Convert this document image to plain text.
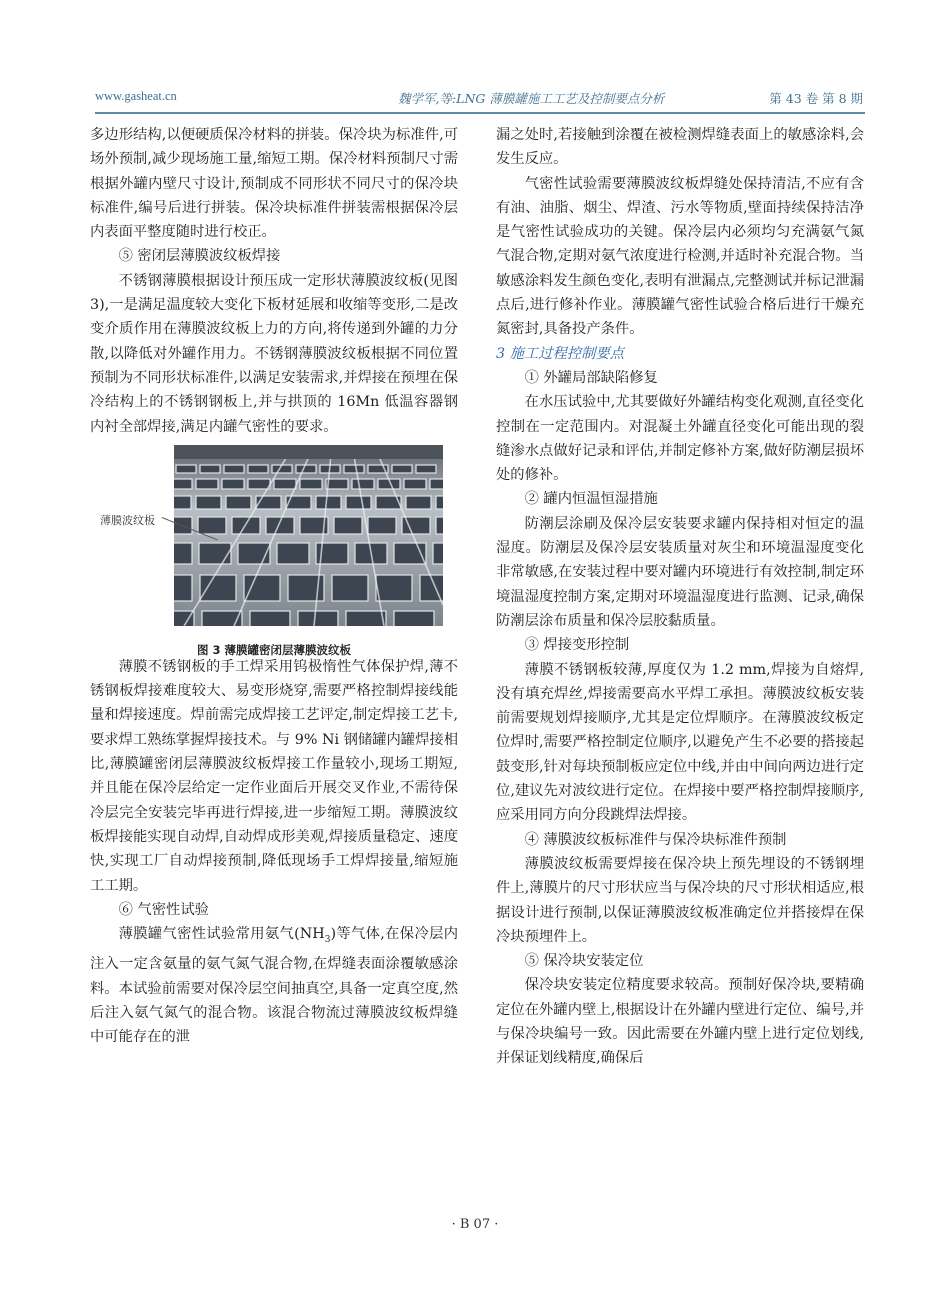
www.gasheat.cn	魏学军,等:LNG 薄膜罐施工工艺及控制要点分析	第 43 卷 第 8 期

多边形结构,以便硬质保冷材料的拼装。保冷块为标准件,可场外预制,减少现场施工量,缩短工期。保冷材料预制尺寸需根据外罐内壁尺寸设计,预制成不同形状不同尺寸的保冷块标准件,编号后进行拼装。保冷块标准件拼装需根据保冷层内表面平整度随时进行校正。

⑤ 密闭层薄膜波纹板焊接

不锈钢薄膜根据设计预压成一定形状薄膜波纹板(见图3),一是满足温度较大变化下板材延展和收缩等变形,二是改变介质作用在薄膜波纹板上力的方向,将传递到外罐的力分散,以降低对外罐作用力。不锈钢薄膜波纹板根据不同位置预制为不同形状标准件,以满足安装需求,并焊接在预埋在保冷结构上的不锈钢钢板上,并与拱顶的 16Mn 低温容器钢内衬全部焊接,满足内罐气密性的要求。

薄膜波纹板
图 3 薄膜罐密闭层薄膜波纹板

薄膜不锈钢板的手工焊采用钨极惰性气体保护焊,薄不锈钢板焊接难度较大、易变形烧穿,需要严格控制焊接线能量和焊接速度。焊前需完成焊接工艺评定,制定焊接工艺卡,要求焊工熟练掌握焊接技术。与 9% Ni 钢储罐内罐焊接相比,薄膜罐密闭层薄膜波纹板焊接工作量较小,现场工期短,并且能在保冷层给定一定作业面后开展交叉作业,不需待保冷层完全安装完毕再进行焊接,进一步缩短工期。薄膜波纹板焊接能实现自动焊,自动焊成形美观,焊接质量稳定、速度快,实现工厂自动焊接预制,降低现场手工焊焊接量,缩短施工工期。

⑥ 气密性试验

薄膜罐气密性试验常用氨气$(NH_3)$等气体,在保冷层内注入一定含氨量的氨气氮气混合物,在焊缝表面涂覆敏感涂料。本试验前需要对保冷层空间抽真空,具备一定真空度,然后注入氨气氮气的混合物。该混合物流过薄膜波纹板焊缝中可能存在的泄

漏之处时,若接触到涂覆在被检测焊缝表面上的敏感涂料,会发生反应。

气密性试验需要薄膜波纹板焊缝处保持清洁,不应有含有油、油脂、烟尘、焊渣、污水等物质,壁面持续保持洁净是气密性试验成功的关键。保冷层内必须均匀充满氨气氮气混合物,定期对氨气浓度进行检测,并适时补充混合物。当敏感涂料发生颜色变化,表明有泄漏点,完整测试并标记泄漏点后,进行修补作业。薄膜罐气密性试验合格后进行干燥充氮密封,具备投产条件。

3 施工过程控制要点

① 外罐局部缺陷修复

在水压试验中,尤其要做好外罐结构变化观测,直径变化控制在一定范围内。对混凝土外罐直径变化可能出现的裂缝渗水点做好记录和评估,并制定修补方案,做好防潮层损坏处的修补。

② 罐内恒温恒湿措施

防潮层涂刷及保冷层安装要求罐内保持相对恒定的温湿度。防潮层及保冷层安装质量对灰尘和环境温湿度变化非常敏感,在安装过程中要对罐内环境进行有效控制,制定环境温湿度控制方案,定期对环境温湿度进行监测、记录,确保防潮层涂布质量和保冷层胶黏质量。

③ 焊接变形控制

薄膜不锈钢板较薄,厚度仅为 1.2 mm,焊接为自熔焊,没有填充焊丝,焊接需要高水平焊工承担。薄膜波纹板安装前需要规划焊接顺序,尤其是定位焊顺序。在薄膜波纹板定位焊时,需要严格控制定位顺序,以避免产生不必要的搭接起鼓变形,针对每块预制板应定位中线,并由中间向两边进行定位,建议先对波纹进行定位。在焊接中要严格控制焊接顺序,应采用同方向分段跳焊法焊接。

④ 薄膜波纹板标准件与保冷块标准件预制

薄膜波纹板需要焊接在保冷块上预先埋设的不锈钢埋件上,薄膜片的尺寸形状应当与保冷块的尺寸形状相适应,根据设计进行预制,以保证薄膜波纹板准确定位并搭接焊在保冷块预埋件上。

⑤ 保冷块安装定位

保冷块安装定位精度要求较高。预制好保冷块,要精确定位在外罐内壁上,根据设计在外罐内壁进行定位、编号,并与保冷块编号一致。因此需要在外罐内壁上进行定位划线,并保证划线精度,确保后

· B 07 ·
